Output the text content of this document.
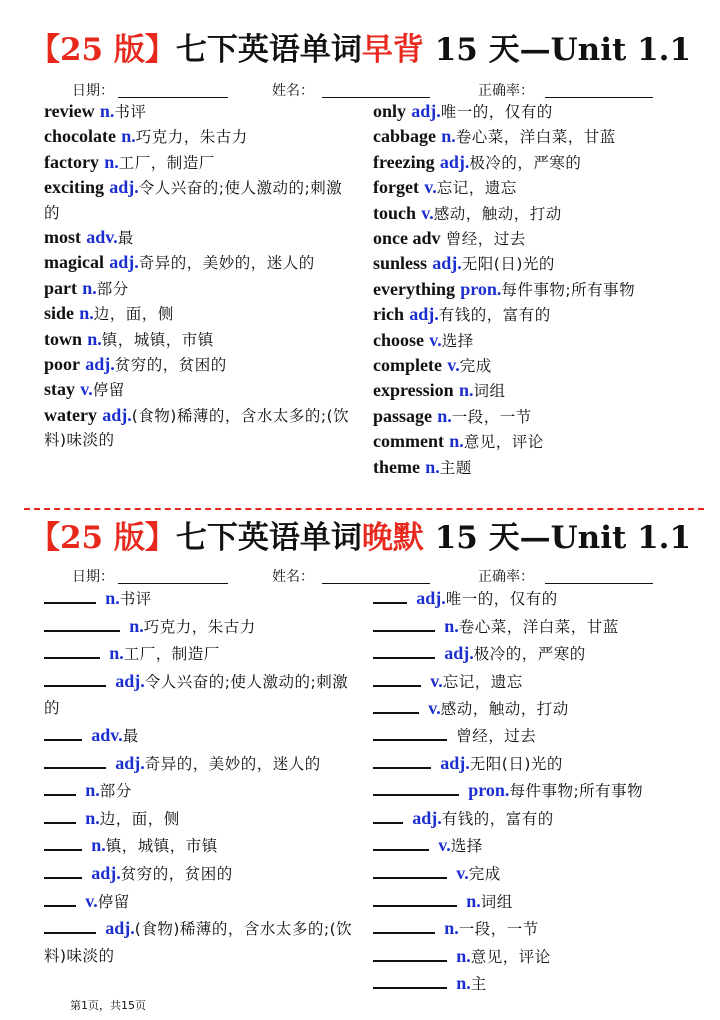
【25 版】七下英语单词早背 15 天—Unit 1.1
日期：	姓名：	正确率：
review n.书评
chocolate n.巧克力，朱古力
factory n.工厂，制造厂
exciting adj.令人兴奋的;使人激动的;刺激的
most adv.最
magical adj.奇异的，美妙的，迷人的
part n.部分
side n.边，面，侧
town n.镇，城镇，市镇
poor adj.贫穷的，贫困的
stay v.停留
watery adj.(食物)稀薄的，含水太多的;(饮料)味淡的
only adj.唯一的，仅有的
cabbage n.卷心菜，洋白菜，甘蓝
freezing adj.极冷的，严寒的
forget v.忘记，遗忘
touch v.感动，触动，打动
once adv 曾经，过去
sunless adj.无阳(日)光的
everything pron.每件事物;所有事物
rich adj.有钱的，富有的
choose v.选择
complete v.完成
expression n.词组
passage n.一段，一节
comment n.意见，评论
theme n.主题
【25 版】七下英语单词晚默 15 天—Unit 1.1
日期：	姓名：	正确率：
n.书评
n.巧克力，朱古力
n.工厂，制造厂
adj.令人兴奋的;使人激动的;刺激的
adv.最
adj.奇异的，美妙的，迷人的
n.部分
n.边，面，侧
n.镇，城镇，市镇
adj.贫穷的，贫困的
v.停留
adj.(食物)稀薄的，含水太多的;(饮料)味淡的
adj.唯一的，仅有的
n.卷心菜，洋白菜，甘蓝
adj.极冷的，严寒的
v.忘记，遗忘
v.感动，触动，打动
曾经，过去
adj.无阳(日)光的
pron.每件事物;所有事物
adj.有钱的，富有的
v.选择
v.完成
n.词组
n.一段，一节
n.意见，评论
n.主
第1页，共15页
